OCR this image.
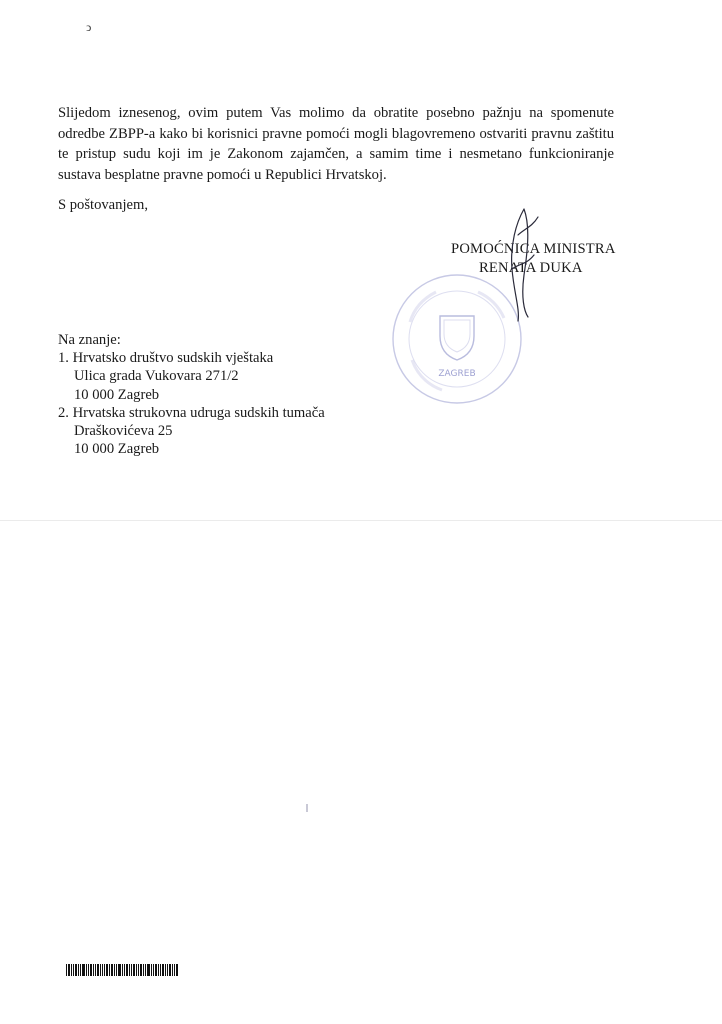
ͻ

Slijedom iznesenog, ovim putem Vas molimo da obratite posebno pažnju na spomenute odredbe ZBPP-a kako bi korisnici pravne pomoći mogli blagovremeno ostvariti pravnu zaštitu te pristup sudu koji im je Zakonom zajamčen, a samim time i nesmetano funkcioniranje sustava besplatne pravne pomoći u Republici Hrvatskoj.

S poštovanjem,

ZAGREB

POMOĆNICA MINISTRA

RENATA DUKA

Na znanje:

1. Hrvatsko društvo sudskih vještaka

Ulica grada Vukovara 271/2

10 000 Zagreb

2. Hrvatska strukovna udruga sudskih tumača

Draškovićeva 25

10 000 Zagreb
